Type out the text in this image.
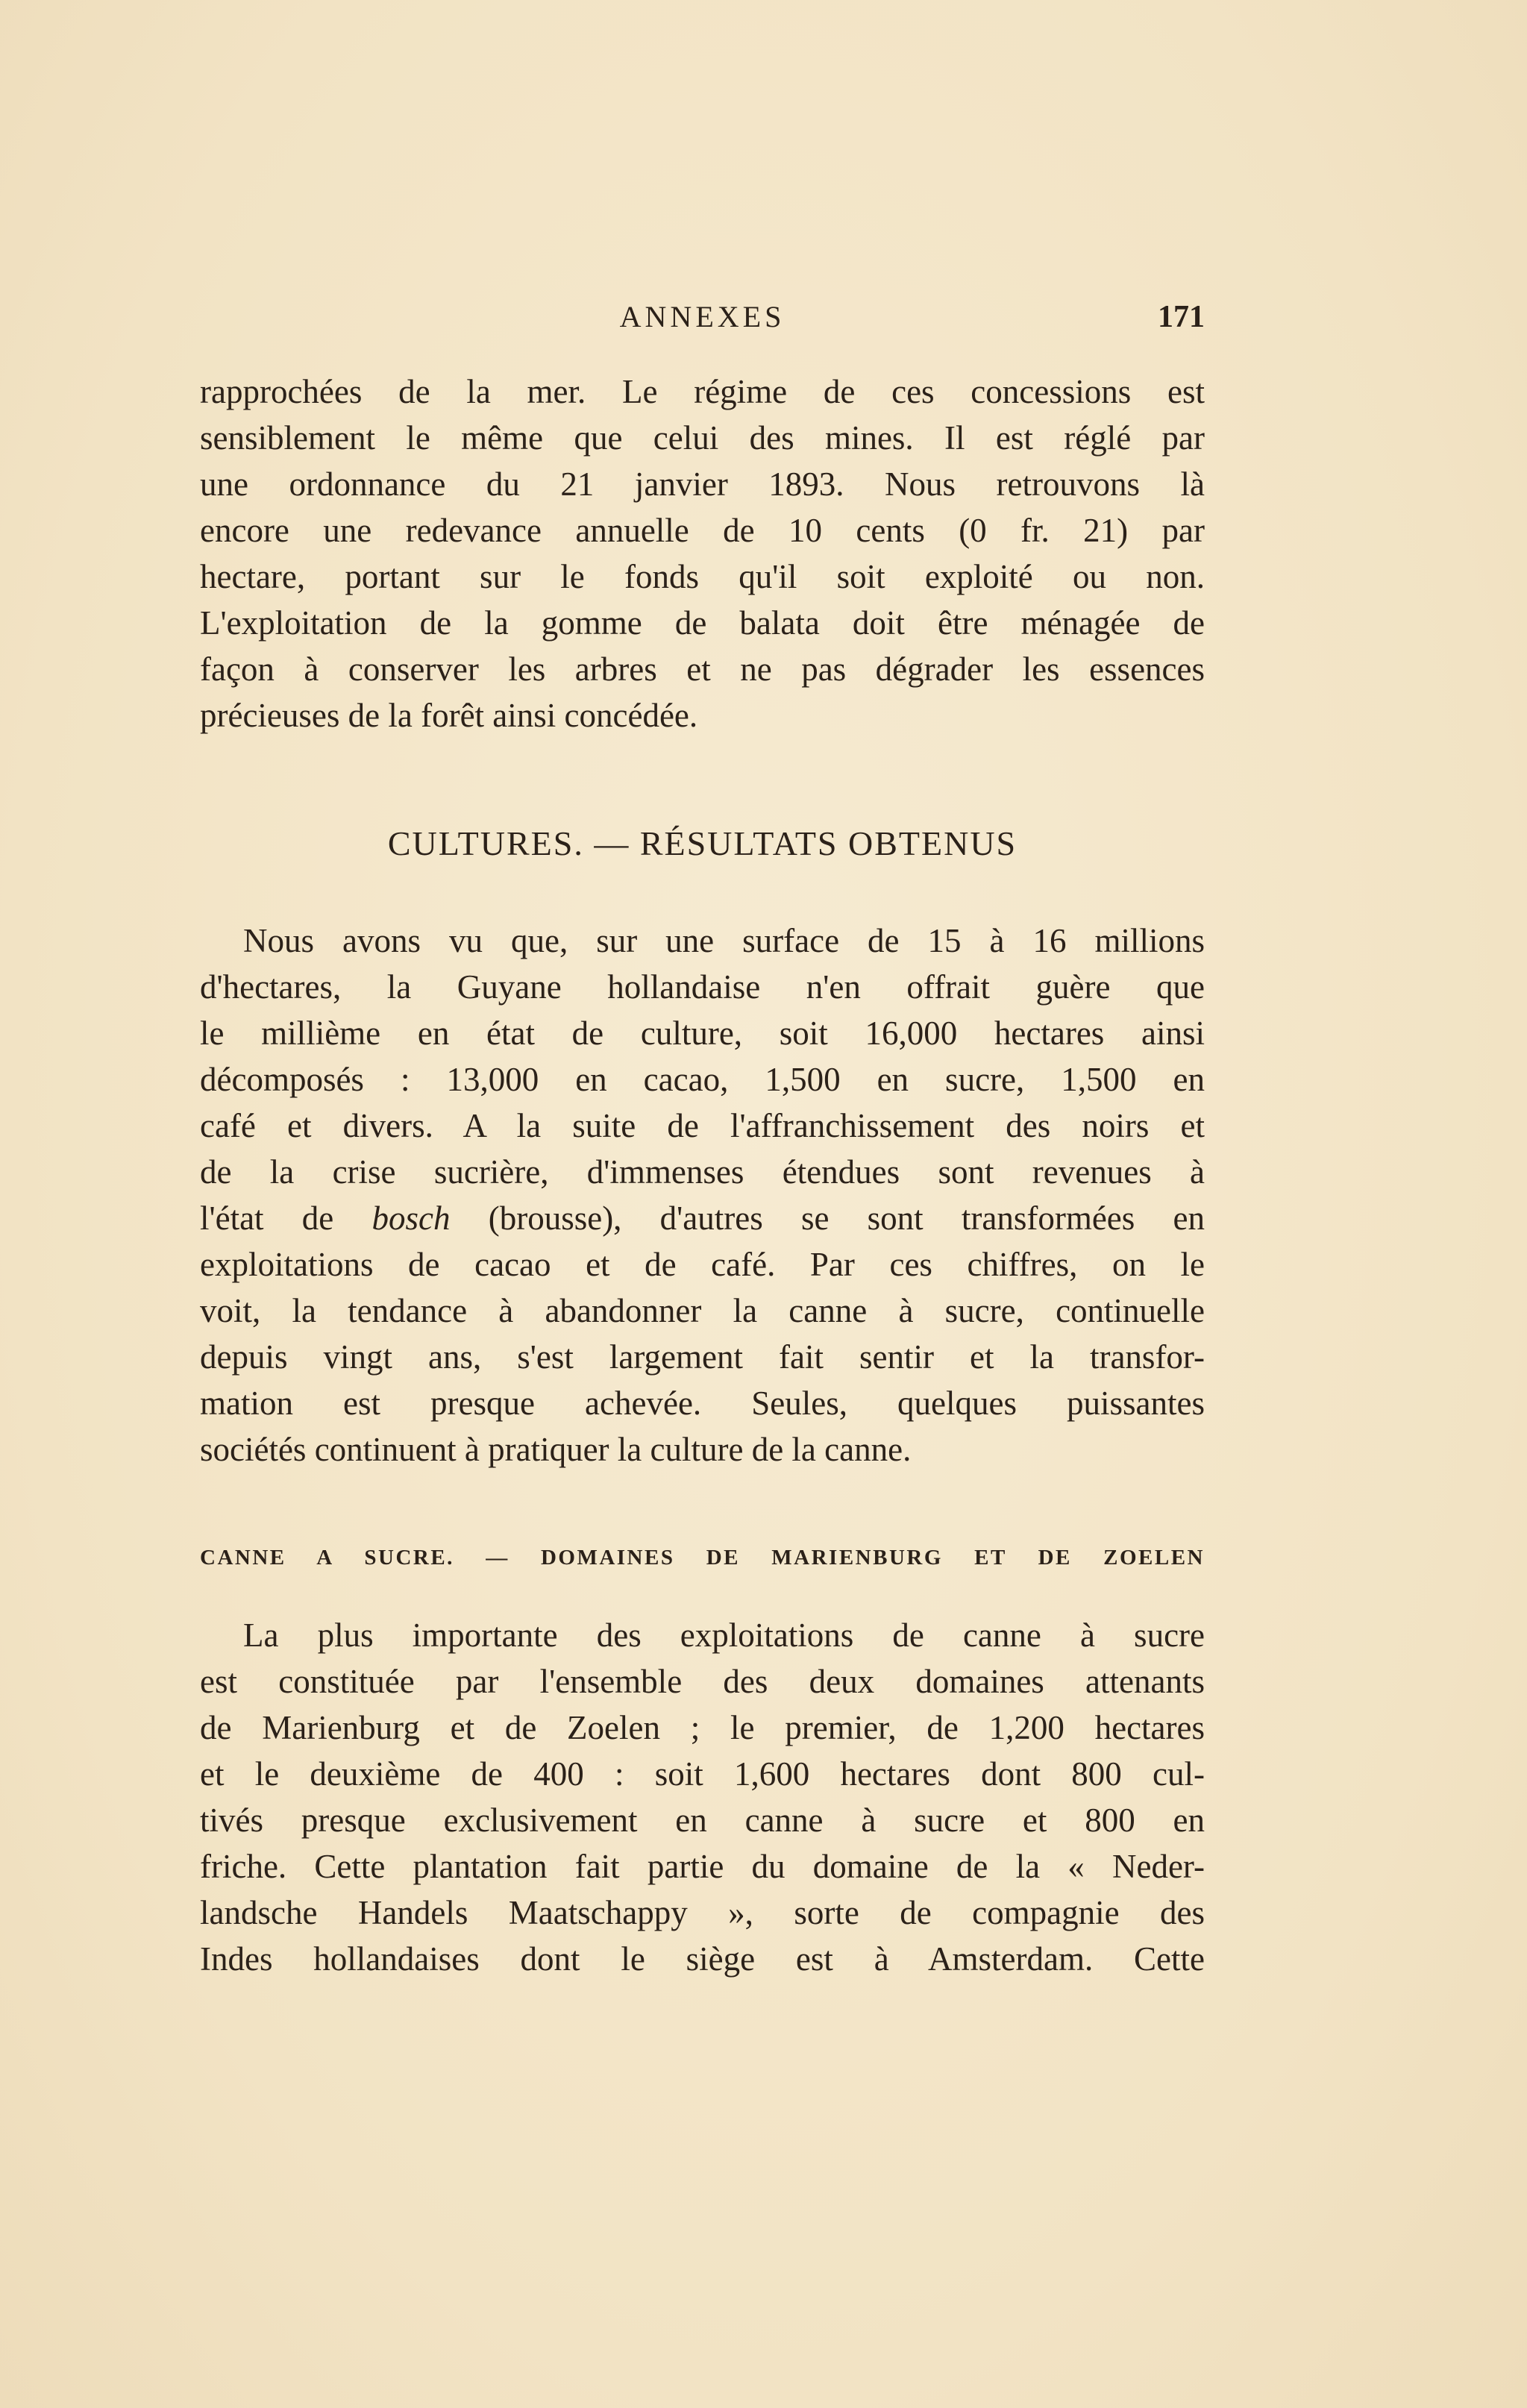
ANNEXES	171
rapprochées de la mer. Le régime de ces concessions est
sensiblement le même que celui des mines. Il est réglé par
une ordonnance du 21 janvier 1893. Nous retrouvons là
encore une redevance annuelle de 10 cents (0 fr. 21) par
hectare, portant sur le fonds qu'il soit exploité ou non.
L'exploitation de la gomme de balata doit être ménagée de
façon à conserver les arbres et ne pas dégrader les essences
précieuses de la forêt ainsi concédée.
CULTURES. — RÉSULTATS OBTENUS
Nous avons vu que, sur une surface de 15 à 16 millions
d'hectares, la Guyane hollandaise n'en offrait guère que
le millième en état de culture, soit 16,000 hectares ainsi
décomposés : 13,000 en cacao, 1,500 en sucre, 1,500 en
café et divers. A la suite de l'affranchissement des noirs et
de la crise sucrière, d'immenses étendues sont revenues à
l'état de bosch (brousse), d'autres se sont transformées en
exploitations de cacao et de café. Par ces chiffres, on le
voit, la tendance à abandonner la canne à sucre, continuelle
depuis vingt ans, s'est largement fait sentir et la transfor-
mation est presque achevée. Seules, quelques puissantes
sociétés continuent à pratiquer la culture de la canne.
CANNE A SUCRE. — DOMAINES DE MARIENBURG ET DE ZOELEN
La plus importante des exploitations de canne à sucre
est constituée par l'ensemble des deux domaines attenants
de Marienburg et de Zoelen ; le premier, de 1,200 hectares
et le deuxième de 400 : soit 1,600 hectares dont 800 cul-
tivés presque exclusivement en canne à sucre et 800 en
friche. Cette plantation fait partie du domaine de la « Neder-
landsche Handels Maatschappy », sorte de compagnie des
Indes hollandaises dont le siège est à Amsterdam. Cette
